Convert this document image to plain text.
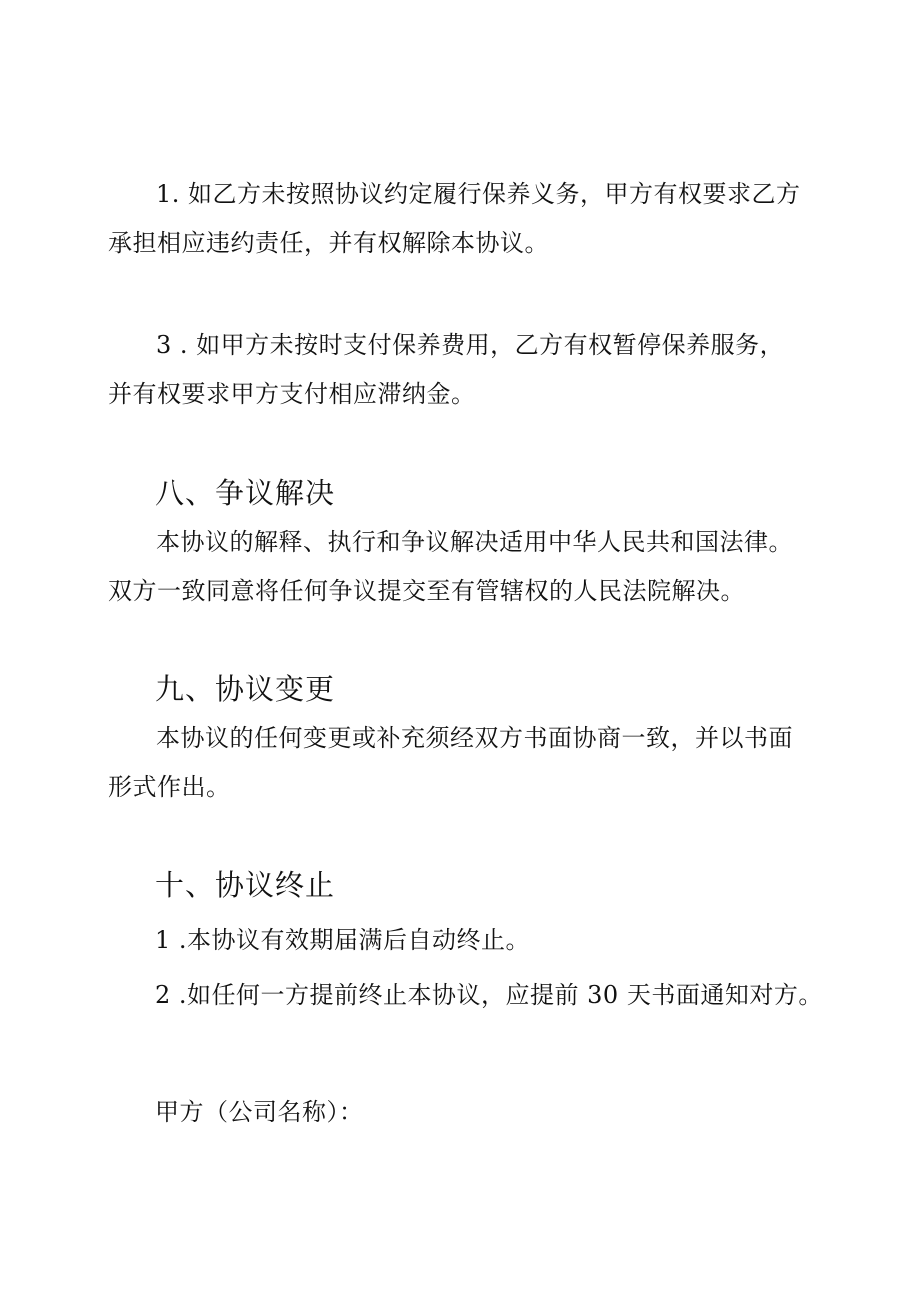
1. 如乙方未按照协议约定履行保养义务，甲方有权要求乙方承担相应违约责任，并有权解除本协议。

3 . 如甲方未按时支付保养费用，乙方有权暂停保养服务，并有权要求甲方支付相应滞纳金。

八、争议解决

本协议的解释、执行和争议解决适用中华人民共和国法律。双方一致同意将任何争议提交至有管辖权的人民法院解决。

九、协议变更

本协议的任何变更或补充须经双方书面协商一致，并以书面形式作出。

十、协议终止

1 .本协议有效期届满后自动终止。

2 .如任何一方提前终止本协议，应提前 30 天书面通知对方。

甲方（公司名称）：
